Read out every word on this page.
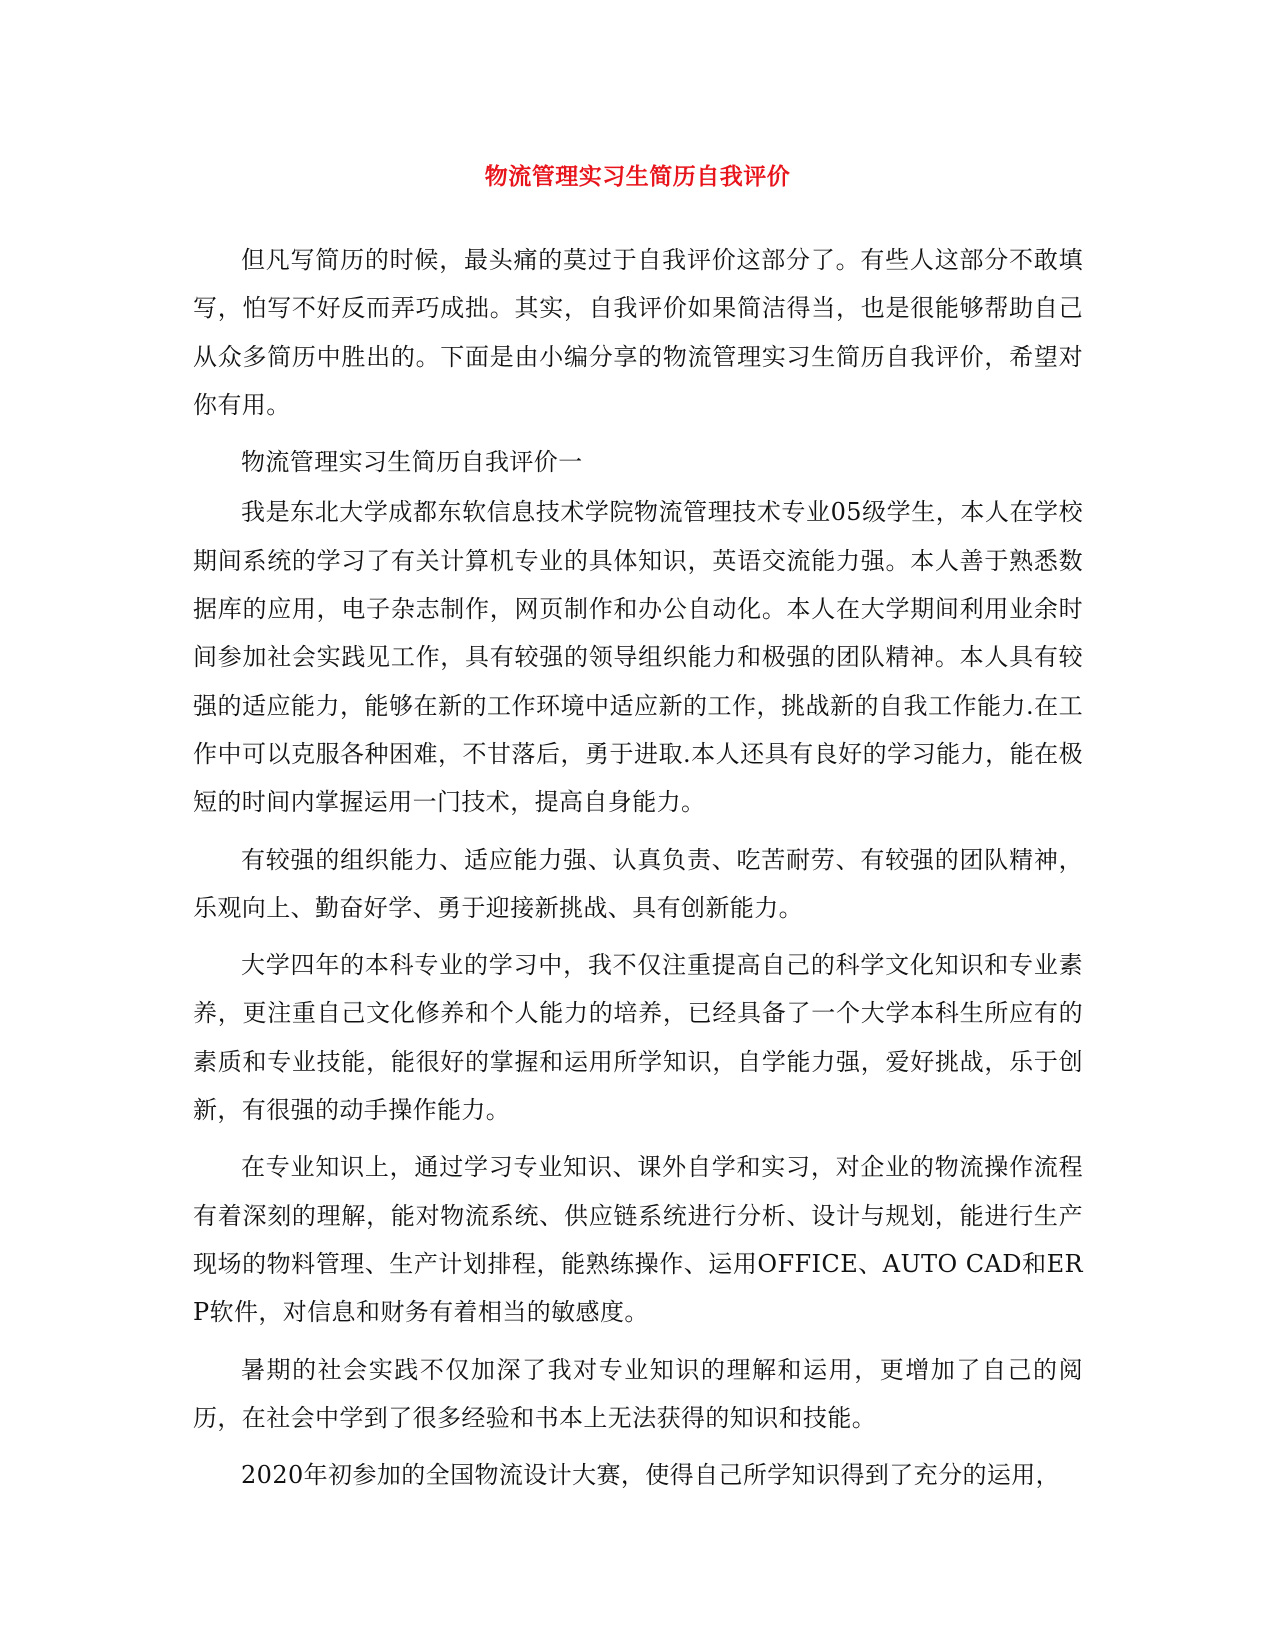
物流管理实习生简历自我评价

但凡写简历的时候，最头痛的莫过于自我评价这部分了。有些人这部分不敢填写，怕写不好反而弄巧成拙。其实，自我评价如果简洁得当，也是很能够帮助自己从众多简历中胜出的。下面是由小编分享的物流管理实习生简历自我评价，希望对你有用。

物流管理实习生简历自我评价一

我是东北大学成都东软信息技术学院物流管理技术专业05级学生，本人在学校期间系统的学习了有关计算机专业的具体知识，英语交流能力强。本人善于熟悉数据库的应用，电子杂志制作，网页制作和办公自动化。本人在大学期间利用业余时间参加社会实践见工作，具有较强的领导组织能力和极强的团队精神。本人具有较强的适应能力，能够在新的工作环境中适应新的工作，挑战新的自我工作能力.在工作中可以克服各种困难，不甘落后，勇于进取.本人还具有良好的学习能力，能在极短的时间内掌握运用一门技术，提高自身能力。

有较强的组织能力、适应能力强、认真负责、吃苦耐劳、有较强的团队精神，乐观向上、勤奋好学、勇于迎接新挑战、具有创新能力。

大学四年的本科专业的学习中，我不仅注重提高自己的科学文化知识和专业素养，更注重自己文化修养和个人能力的培养，已经具备了一个大学本科生所应有的素质和专业技能，能很好的掌握和运用所学知识，自学能力强，爱好挑战，乐于创新，有很强的动手操作能力。

在专业知识上，通过学习专业知识、课外自学和实习，对企业的物流操作流程有着深刻的理解，能对物流系统、供应链系统进行分析、设计与规划，能进行生产现场的物料管理、生产计划排程，能熟练操作、运用OFFICE、AUTO CAD和ERP软件，对信息和财务有着相当的敏感度。

暑期的社会实践不仅加深了我对专业知识的理解和运用，更增加了自己的阅历，在社会中学到了很多经验和书本上无法获得的知识和技能。

2020年初参加的全国物流设计大赛，使得自己所学知识得到了充分的运用，
